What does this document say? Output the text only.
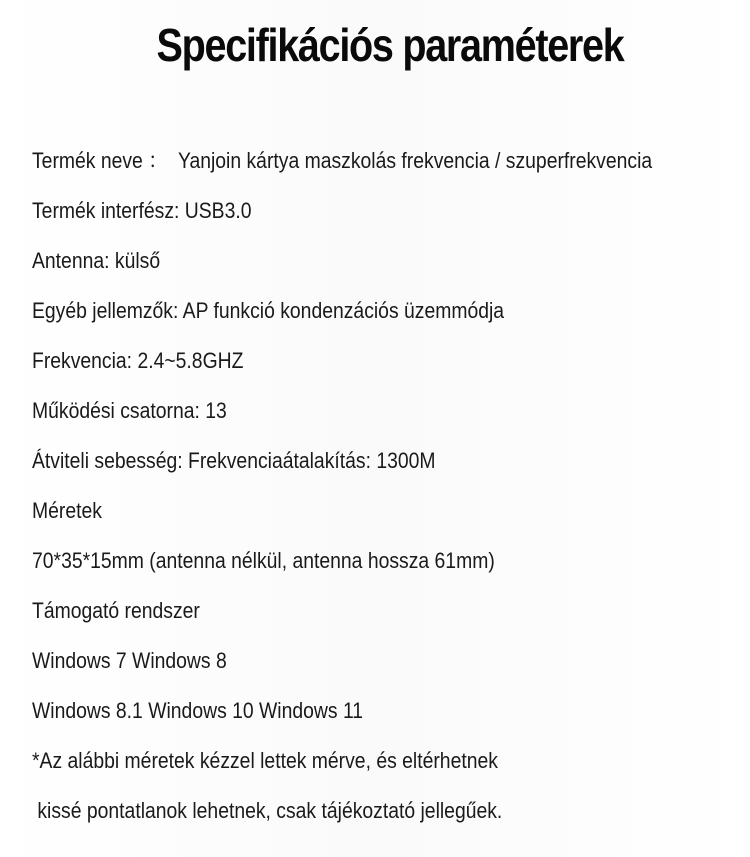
Specifikációs paraméterek
Termék neve ：  Yanjoin kártya maszkolás frekvencia / szuperfrekvencia
Termék interfész: USB3.0
Antenna: külső
Egyéb jellemzők: AP funkció kondenzációs üzemmódja
Frekvencia: 2.4~5.8GHZ
Működési csatorna: 13
Átviteli sebesség: Frekvenciaátalakítás: 1300M
Méretek
70*35*15mm (antenna nélkül, antenna hossza 61mm)
Támogató rendszer
Windows 7 Windows 8
Windows 8.1 Windows 10 Windows 11
*Az alábbi méretek kézzel lettek mérve, és eltérhetnek
kissé pontatlanok lehetnek, csak tájékoztató jellegűek.
